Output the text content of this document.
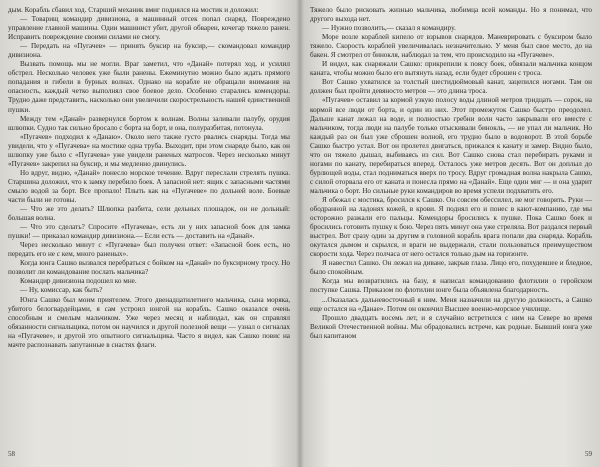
дым. Корабль сбавил ход. Старший механик вмиг поднялся на мостик и доложил:

— Товарищ командир дивизиона, в машинный отсек попал снаряд. Повреждено управление главной машины. Один машинист убит, другой обварен, кочегар тяжело ранен. Исправить повреждение своими силами не смогу.

— Передать на «Пугачев» — принять буксир на буксир,— скомандовал командир дивизиона.

Вызвать помощь мы не могли. Враг заметил, что «Данай» потерял ход, и усилил обстрел. Несколько человек уже были ранены. Ежеминутно можно было ждать прямого попадания и гибели в бурных волнах. Однако на корабле не обращали внимания на опасность, каждый четко выполнял свое боевое дело. Особенно старались комендоры. Трудно даже представить, насколько они увеличили скорострельность нашей единственной пушки.

Между тем «Данай» развернулся бортом к волнам. Волны заливали палубу, орудия шлюпки. Судно так сильно бросало с борта на борт, и она, полуразбитая, потонула.

«Пугачев» подходил к «Данаю». Около него также густо рвались снаряды. Тогда мы увидели, что у «Пугачева» на мостике одна труба. Выходит, при этом снаряде было, как он шлюпку уже было с «Пугачева» уже увидели раненых матросов. Через несколько минут «Пугачев» закрепил на буксир, и мы медленно двинулись.

Но вдруг, видно, «Данай» понесло морское течение. Вдруг переслали стрелять пушка. Старшина доложил, что к замку перебило боек. А запасной нет: ящик с запасными частями смыло водой за борт. Все пропало! Плыть как на «Пугачеве» по дольней воле. Боевые части были не готовы.

— Что же это делать? Шлюпка разбита, сели дельных плошадок, он не дольный: большая волна.

— Что это сделать? Спросите «Пугачева», есть ли у них запасной боек для замка пушки! — приказал командир дивизиона.— Если есть — доставить на «Данай».

Через несколько минут с «Пугачева» был получен ответ: «Запасной боек есть, но передать его не с кем, много раненых».

Когда юнга Сашко вызвался перебраться с бойком на «Данай» по буксирному тросу. Но позволит ли командование послать мальчика?

Командир дивизиона подошел ко мне.

— Ну, комиссар, как быть?

Юнга Сашко был моим приятелем. Этого двенадцатилетнего мальчика, сына моряка, убитого белогвардейцами, я сам устроил юнгой на корабль. Сашко оказался очень способным и смелым мальчиком. Уже через месяц и наблюдал, как он справлял обязанности сигнальщика, потом он научился и другой полезной вещи — узнал о сигналах на «Пугачеве», и другой это опытного сигнальщика. Часто я видел, как Сашко повис на мачте распознавать запутанные в снастях флаги.

58

Тяжело было рисковать жизнью мальчика, любимца всей команды. Но я понимал, что другого выхода нет.

— Нужно позволить,— сказал я командиру.

Море возле кораблей кипело от взрывов снарядов. Маневрировать с буксиром было тяжело. Скорость кораблей увеличивалась незначительно. У меня был свое место, до на бакен. Я смотрел от бинокля, наблюдал за тем, что происходило на «Пугачеве».

И видел, как снаряжали Сашко: прикрепили к поясу боек, обвязали мальчика концом каната, чтобы можно было его вытянуть назад, если будет сброшен с троса.

Вот Сашко ухватился за толстый шестидюймовый канат, зацепился ногами. Там он должен был пройти девяносто метров — это длина троса.

«Пугачев» оставил за кормой узкую полосу воды длиной метров тридцать — сорок, на кормой все люди от борта, и один из них. Этот промежуток Сашко быстро преодолел. Дальше канат лежал на воде, и полностью гребни волн часто закрывали его вместе с мальчиком, тогда люди на палубе только отыскивали бинокль, — не упал ли мальчик. Но каждый раз он был уже сброшен волной, его трудно было в водоворот. В этой борьбе Сашко быстро устал. Вот он пролетел двигаться, прижался к канату и замер. Видно было, что он тяжело дышал, выбиваясь из сил. Вот Сашко снова стал перебирать руками и ногами по канату, перебираться вперед. Осталось уже метров десять. Вот он доплыл до бурлющей воды, стал подниматься вверх по тросу. Вдруг громадная волна накрыла Сашко, с силой оторвала его от каната и понесла прямо на «Данай». Еще один миг — и она ударит мальчика о борт. Но сильные руки командиров во время успели подхватить его.

Я обежал с мостика, бросился к Сашко. Он совсем обессилел, не мог говорить. Руки — ободранной на ладонях кожей, в крови. Я поднял его и понес в кают-компанию, где мы осторожно разжали его пальцы. Комендоры бросились к пушке. Пока Сашко боек и бросились готовить пушку к бою. Через пять минут она уже стреляла. Вот раздался первый выстрел. Вот сразу один за другим в головной корабль врага попали два снаряда. Корабль окутался дымом и скрылся, и враги не выдержали, стали пользоваться преимуществом скорости хода. Через полчаса от него остался только дым на горизонте.

Я навестил Сашко. Он лежал на диване, закрыв глаза. Лицо его, похудевшее и бледное, было спокойным.

Когда мы возвратились на базу, я написал командованию флотилии о геройском поступке Сашка. Приказом по флотилии юнге была объявлена благодарность.

...Оказалась дальневосточный я ним. Меня назначили на другую должность, а Сашко еще остался на «Данае». Потом он окончил Высшее военно-морское училище.

Прошло двадцать восемь лет, и я случайно встретился с ним на Севере во время Великой Отечественной войны. Мы обрадовались встрече, как родные. Бывший юнга уже был капитаном

59
